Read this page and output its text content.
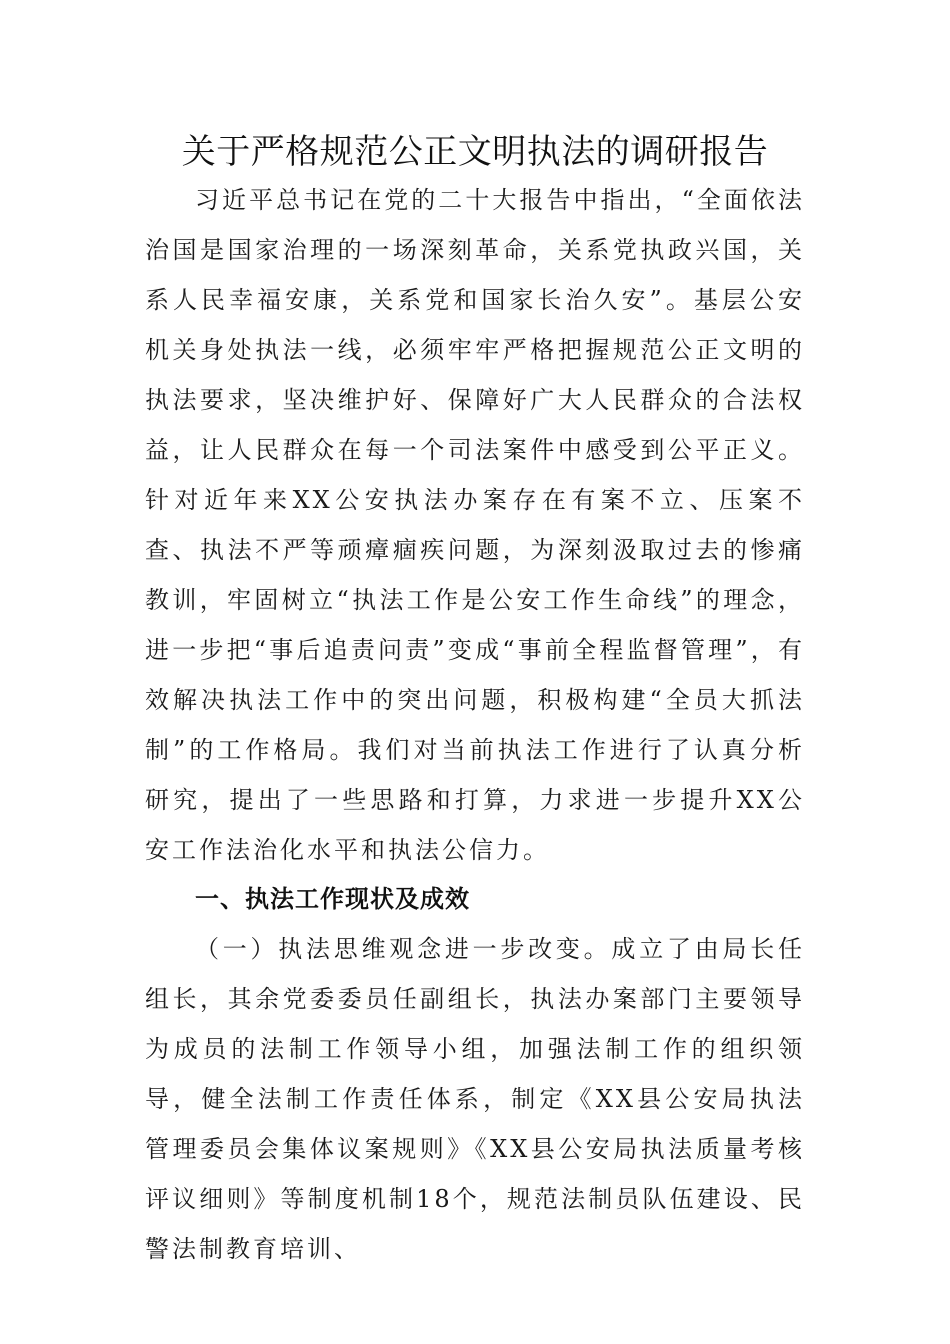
关于严格规范公正文明执法的调研报告
习近平总书记在党的二十大报告中指出，“全面依法治国是国家治理的一场深刻革命，关系党执政兴国，关系人民幸福安康，关系党和国家长治久安”。基层公安机关身处执法一线，必须牢牢严格把握规范公正文明的执法要求，坚决维护好、保障好广大人民群众的合法权益，让人民群众在每一个司法案件中感受到公平正义。针对近年来XX公安执法办案存在有案不立、压案不查、执法不严等顽瘴痼疾问题，为深刻汲取过去的惨痛教训，牢固树立“执法工作是公安工作生命线”的理念，进一步把“事后追责问责”变成“事前全程监督管理”，有效解决执法工作中的突出问题，积极构建“全员大抓法制”的工作格局。我们对当前执法工作进行了认真分析研究，提出了一些思路和打算，力求进一步提升XX公安工作法治化水平和执法公信力。
一、执法工作现状及成效
（一）执法思维观念进一步改变。成立了由局长任组长，其余党委委员任副组长，执法办案部门主要领导为成员的法制工作领导小组，加强法制工作的组织领导，健全法制工作责任体系，制定《XX县公安局执法管理委员会集体议案规则》《XX县公安局执法质量考核评议细则》等制度机制18个，规范法制员队伍建设、民警法制教育培训、
